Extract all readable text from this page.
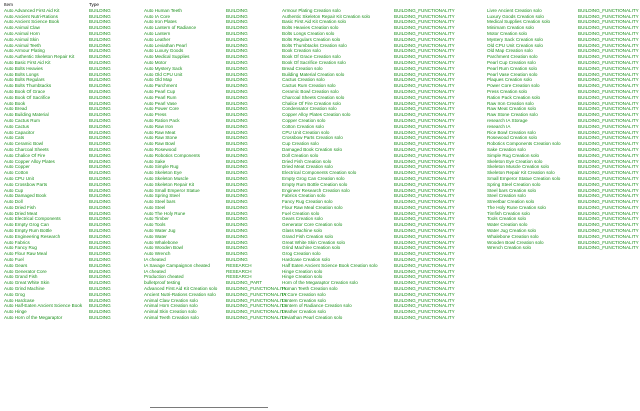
Item
Auto Advanced First Aid Kit
Auto Ancient Nutri-Rations
Auto Ancient Science Book
Auto Animal Claw
Auto Animal Horn
Auto Animal Skin
Auto Animal Teeth
Auto Armour Plating
Auto Authentic Skeleton Repair Kit
Auto Basic First Aid Kit
Auto Bolts Heavies
Auto Bolts Longs
Auto Bolts Regulars
Auto Bolts Thumbtacks
Auto Book Of Grace
Auto Book Of Sacrifice
Auto Book
Auto Bread
Auto Building Material
Auto Cactus Rum
Auto Cactus
Auto Capacitor
Auto Cats
Auto Ceramic Bowl
Auto Charcoal Sheets
Auto Chalice Of Fire
Auto Copper Alloy Plates
Auto Copper
Auto Cotton
Auto CPU Unit
Auto Crossbow Parts
Auto Cup
Auto Damaged Book
Auto Doll
Auto Dried Fish
Auto Dried Meat
Auto Electrical Components
Auto Empty Grog Can
Auto Empty Rum Bottle
Auto Engineering Research
Auto Fabrics
Auto Fancy Rug
Auto Flour Raw Meal
Auto Fuel
Auto Gears
Auto Generator Core
Auto Grand Fish
Auto Great White Skin
Auto Grind Machine
Auto Grog
Auto Hardcase
Auto Half-Eaten Ancient Science Book
Auto Hinge
Auto Horn of the Megaraptor
Type
BUILDING
BUILDING
BUILDING
BUILDING
BUILDING
BUILDING
BUILDING
BUILDING
BUILDING
BUILDING
BUILDING
BUILDING
BUILDING
BUILDING
BUILDING
BUILDING
BUILDING
BUILDING
BUILDING
BUILDING
BUILDING
BUILDING
BUILDING
BUILDING
BUILDING
BUILDING
BUILDING
BUILDING
BUILDING
BUILDING
BUILDING
BUILDING
BUILDING
BUILDING
BUILDING
BUILDING
BUILDING
BUILDING
BUILDING
BUILDING
BUILDING
BUILDING
BUILDING
BUILDING
BUILDING
BUILDING
BUILDING
BUILDING
BUILDING
BUILDING
BUILDING
BUILDING
BUILDING
BUILDING
Auto Human Teeth
Auto IA Core
Auto Iron Plates
Auto Lantern of Radiance
Auto Lantern
Auto Leather
Auto Leviathan Pearl
Auto Luxury Goods
Auto Medical Supplies
Auto Motor
Auto Mystery Sack
Auto Old CPU Unit
Auto Old Map
Auto Parchment
Auto Pearl Cup
Auto Pearl Rum
Auto Pearl Vase
Auto Power Core
Auto Press
Auto Ration Pack
Auto Raw Iron
Auto Raw Meat
Auto Raw Stone
Auto Raw Bowl
Auto Rosewood
Auto Robotics Components
Auto Sake
Auto Simple Rug
Auto Skeleton Eye
Auto Skeleton Muscle
Auto Skeleton Repair Kit
Auto Small Emperor Statue
Auto Spring Steel
Auto Steel bars
Auto Steel
Auto The Holy Rune
Auto Timber
Auto Tools
Auto Water Jug
Auto Water
Auto Whalebone
Auto Wooden Bowl
Auto Wrench
IA cheated
IA Savage Campaignon cheated
IA cheated
Production cheated
bulletproof testing
Advanced First Aid Kit Creation solo
Ancient Nutri-Rations Creation solo
Animal Claw Creation solo
Animal Horn Creation solo
Animal Skin Creation solo
Animal Teeth Creation solo
BUILDING
BUILDING
BUILDING
BUILDING
BUILDING
BUILDING
BUILDING
BUILDING
BUILDING
BUILDING
BUILDING
BUILDING
BUILDING
BUILDING
BUILDING
BUILDING
BUILDING
BUILDING
BUILDING
BUILDING
BUILDING
BUILDING
BUILDING
BUILDING
BUILDING
BUILDING
BUILDING
BUILDING
BUILDING
BUILDING
BUILDING
BUILDING
BUILDING
BUILDING
BUILDING
BUILDING
BUILDING
BUILDING
BUILDING
BUILDING
BUILDING
BUILDING
BUILDING
BUILDING
RESEARCH
RESEARCH
RESEARCH
BUILDING_PART
BUILDING_FUNCTIONALITY
BUILDING_FUNCTIONALITY
BUILDING_FUNCTIONALITY
BUILDING_FUNCTIONALITY
BUILDING_FUNCTIONALITY
BUILDING_FUNCTIONALITY
Armour Plating Creation solo
Authentic Skeleton Repair Kit Creation solo
Basic First Aid Kit Creation solo
Bolts Heavies Creation solo
Bolts Longs Creation solo
Bolts Regulars Creation solo
Bolts Thumbtacks Creation solo
Book Creation solo
Book Of Grace Creation solo
Book Of Sacrifice Creation solo
Bread Creation solo
Building Material Creation solo
Cactus Creation solo
Cactus Rum Creation solo
Ceramic Bowl Creation solo
Charcoal Sheets Creation solo
Chalice Of Fire Creation solo
Condensator Creation solo
Copper Alloy Plates Creation solo
Copper Creation solo
Cotton Creation solo
CPU Unit Creation solo
Crossbow Parts Creation solo
Cup Creation solo
Damaged Book Creation solo
Doll Creation solo
Dried Fish Creation solo
Dried Meat Creation solo
Electrical Components Creation solo
Empty Grog Can Creation solo
Empty Rum Bottle Creation solo
Engineer Research Creation solo
Fabrics Creation solo
Fancy Rug Creation solo
Flour Raw Meal Creation solo
Fuel Creation solo
Gears Creation solo
Generator Core Creation solo
Glass Machine solo
Grand Fish Creation solo
Great White Skin Creation solo
Grind Machine Creation solo
Grog Creation solo
Hardcase Creation solo
Half Eaten Ancient Science Book Creation solo
Hinge Creation solo
Hinge Creation solo
Horn of the Megaraptor Creation solo
Human Teeth Creation solo
IA Core Creation solo
Lantern Creation solo
Lantern of Radiance Creation solo
Leather Creation solo
Leviathan Pearl Creation solo
BUILDING_FUNCTIONALITY
BUILDING_FUNCTIONALITY
BUILDING_FUNCTIONALITY
BUILDING_FUNCTIONALITY
BUILDING_FUNCTIONALITY
BUILDING_FUNCTIONALITY
BUILDING_FUNCTIONALITY
BUILDING_FUNCTIONALITY
BUILDING_FUNCTIONALITY
BUILDING_FUNCTIONALITY
BUILDING_FUNCTIONALITY
BUILDING_FUNCTIONALITY
BUILDING_FUNCTIONALITY
BUILDING_FUNCTIONALITY
BUILDING_FUNCTIONALITY
BUILDING_FUNCTIONALITY
BUILDING_FUNCTIONALITY
BUILDING_FUNCTIONALITY
BUILDING_FUNCTIONALITY
BUILDING_FUNCTIONALITY
BUILDING_FUNCTIONALITY
BUILDING_FUNCTIONALITY
BUILDING_FUNCTIONALITY
BUILDING_FUNCTIONALITY
BUILDING_FUNCTIONALITY
BUILDING_FUNCTIONALITY
BUILDING_FUNCTIONALITY
BUILDING_FUNCTIONALITY
BUILDING_FUNCTIONALITY
BUILDING_FUNCTIONALITY
BUILDING_FUNCTIONALITY
BUILDING_FUNCTIONALITY
BUILDING_FUNCTIONALITY
BUILDING_FUNCTIONALITY
BUILDING_FUNCTIONALITY
BUILDING_FUNCTIONALITY
BUILDING_FUNCTIONALITY
BUILDING_FUNCTIONALITY
BUILDING_FUNCTIONALITY
BUILDING_FUNCTIONALITY
BUILDING_FUNCTIONALITY
BUILDING_FUNCTIONALITY
BUILDING_FUNCTIONALITY
BUILDING_FUNCTIONALITY
BUILDING_FUNCTIONALITY
BUILDING_FUNCTIONALITY
BUILDING_FUNCTIONALITY
BUILDING_FUNCTIONALITY
BUILDING_FUNCTIONALITY
BUILDING_FUNCTIONALITY
BUILDING_FUNCTIONALITY
BUILDING_FUNCTIONALITY
BUILDING_FUNCTIONALITY
BUILDING_FUNCTIONALITY
Livre Ancient Creation solo
Luxury Goods Creation solo
Medical Supplies Creation solo
Minimam Creation solo
Motor Creation solo
Mystery Sack Creation solo
Old CPU Unit Creation solo
Old Map Creation solo
Parchment Creation solo
Pearl Cup Creation solo
Pearl Rum Creation solo
Pearl Vase Creation solo
Plaques Creation solo
Power Core Creation solo
Press Creation solo
Ration Pack Creation solo
Raw Iron Creation solo
Raw Meat Creation solo
Raw Stone Creation solo
research IA Storage
research IA
Rice Bowl Creation solo
Rosewood Creation solo
Robotics Components Creation solo
Sake Creation solo
Simple Rug Creation solo
Skeleton Eye Creation solo
Skeleton Muscle Creation solo
Skeleton Repair Kit Creation solo
Small Emperor Statue Creation solo
Spring Steel Creation solo
Steel bars Creation solo
Steel Creation solo
Streetbar Creation solo
The Holy Rune Creation solo
Timfish Creation solo
Tools Creation solo
Water Creation solo
Water Jug Creation solo
Whalebone Creation solo
Wooden Bowl Creation solo
Wrench Creation solo
BUILDING_FUNCTIONALITY
BUILDING_FUNCTIONALITY
BUILDING_FUNCTIONALITY
BUILDING_FUNCTIONALITY
BUILDING_FUNCTIONALITY
BUILDING_FUNCTIONALITY
BUILDING_FUNCTIONALITY
BUILDING_FUNCTIONALITY
BUILDING_FUNCTIONALITY
BUILDING_FUNCTIONALITY
BUILDING_FUNCTIONALITY
BUILDING_FUNCTIONALITY
BUILDING_FUNCTIONALITY
BUILDING_FUNCTIONALITY
BUILDING_FUNCTIONALITY
BUILDING_FUNCTIONALITY
BUILDING_FUNCTIONALITY
BUILDING_FUNCTIONALITY
BUILDING_FUNCTIONALITY
BUILDING_FUNCTIONALITY
BUILDING_FUNCTIONALITY
BUILDING_FUNCTIONALITY
BUILDING_FUNCTIONALITY
BUILDING_FUNCTIONALITY
BUILDING_FUNCTIONALITY
BUILDING_FUNCTIONALITY
BUILDING_FUNCTIONALITY
BUILDING_FUNCTIONALITY
BUILDING_FUNCTIONALITY
BUILDING_FUNCTIONALITY
BUILDING_FUNCTIONALITY
BUILDING_FUNCTIONALITY
BUILDING_FUNCTIONALITY
BUILDING_FUNCTIONALITY
BUILDING_FUNCTIONALITY
BUILDING_FUNCTIONALITY
BUILDING_FUNCTIONALITY
BUILDING_FUNCTIONALITY
BUILDING_FUNCTIONALITY
BUILDING_FUNCTIONALITY
BUILDING_FUNCTIONALITY
BUILDING_FUNCTIONALITY
